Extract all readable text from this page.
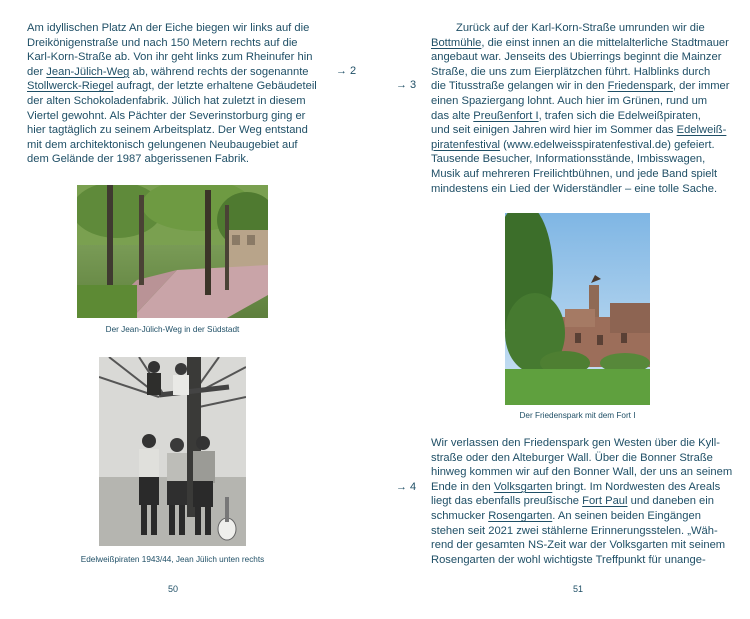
Am idyllischen Platz An der Eiche biegen wir links auf die
Dreikönigenstraße und nach 150 Metern rechts auf die
Karl-Korn-Straße ab. Von ihr geht links zum Rheinufer hin
der Jean-Jülich-Weg ab, während rechts der sogenannte
Stollwerck-Riegel aufragt, der letzte erhaltene Gebäudeteil
der alten Schokoladenfabrik. Jülich hat zuletzt in diesem
Viertel gewohnt. Als Pächter der Severinstorburg ging er
hier tagtäglich zu seinem Arbeitsplatz. Der Weg entstand
mit dem architektonisch gelungenen Neubaugebiet auf
dem Gelände der 1987 abgerissenen Fabrik.
Der Jean-Jülich-Weg in der Südstadt
Edelweißpiraten 1943/44, Jean Jülich unten rechts
50
→ 2
→ 3
→ 4
Zurück auf der Karl-Korn-Straße umrunden wir die
Bottmühle, die einst innen an die mittelalterliche Stadtmauer
angebaut war. Jenseits des Ubierrings beginnt die Mainzer
Straße, die uns zum Eierplätzchen führt. Halblinks durch
die Titusstraße gelangen wir in den Friedenspark, der immer
einen Spaziergang lohnt. Auch hier im Grünen, rund um
das alte Preußenfort I, trafen sich die Edelweißpiraten,
und seit einigen Jahren wird hier im Sommer das Edelweiß-
piratenfestival (www.edelweisspiratenfestival.de) gefeiert.
Tausende Besucher, Informationsstände, Imbisswagen,
Musik auf mehreren Freilichtbühnen, und jede Band spielt
mindestens ein Lied der Widerständler – eine tolle Sache.
Der Friedenspark mit dem Fort I
Wir verlassen den Friedenspark gen Westen über die Kyll-
straße oder den Alteburger Wall. Über die Bonner Straße
hinweg kommen wir auf den Bonner Wall, der uns an seinem
Ende in den Volksgarten bringt. Im Nordwesten des Areals
liegt das ebenfalls preußische Fort Paul und daneben ein
schmucker Rosengarten. An seinen beiden Eingängen
stehen seit 2021 zwei stählerne Erinnerungsstelen. „Wäh-
rend der gesamten NS-Zeit war der Volksgarten mit seinem
Rosengarten der wohl wichtigste Treffpunkt für unange-
51
